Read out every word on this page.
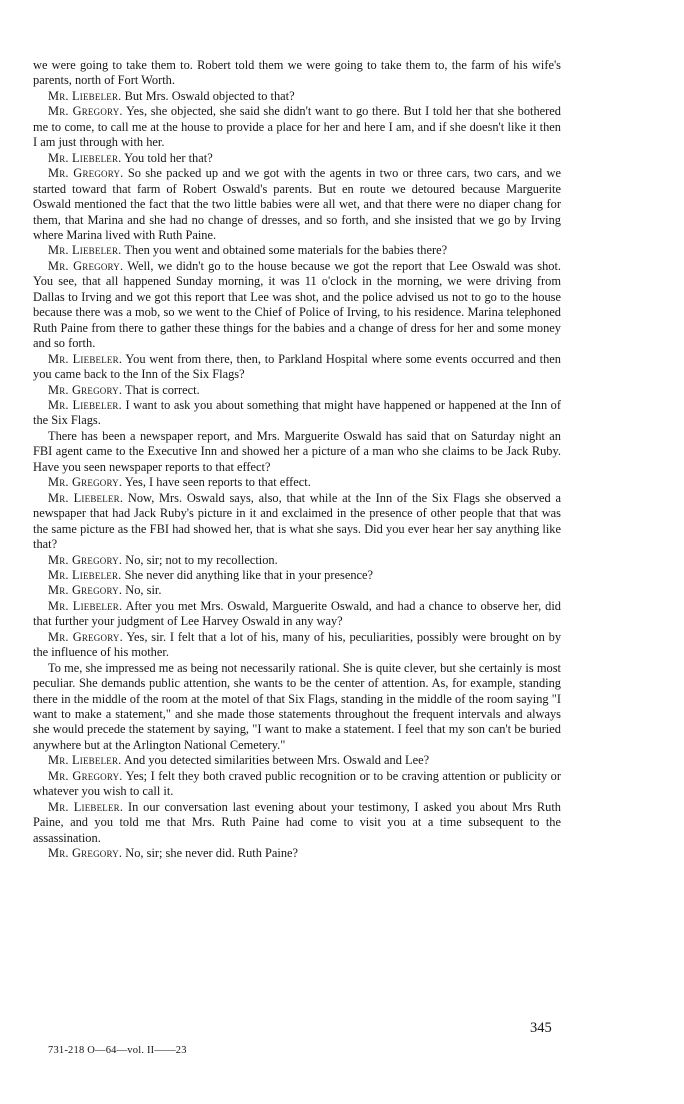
we were going to take them to. Robert told them we were going to take them to, the farm of his wife's parents, north of Fort Worth.

Mr. Liebeler. But Mrs. Oswald objected to that?

Mr. Gregory. Yes, she objected, she said she didn't want to go there. But I told her that she bothered me to come, to call me at the house to provide a place for her and here I am, and if she doesn't like it then I am just through with her.

Mr. Liebeler. You told her that?

Mr. Gregory. So she packed up and we got with the agents in two or three cars, two cars, and we started toward that farm of Robert Oswald's parents. But en route we detoured because Marguerite Oswald mentioned the fact that the two little babies were all wet, and that there were no diaper chang for them, that Marina and she had no change of dresses, and so forth, and she insisted that we go by Irving where Marina lived with Ruth Paine.

Mr. Liebeler. Then you went and obtained some materials for the babies there?

Mr. Gregory. Well, we didn't go to the house because we got the report that Lee Oswald was shot. You see, that all happened Sunday morning, it was 11 o'clock in the morning, we were driving from Dallas to Irving and we got this report that Lee was shot, and the police advised us not to go to the house because there was a mob, so we went to the Chief of Police of Irving, to his residence. Marina telephoned Ruth Paine from there to gather these things for the babies and a change of dress for her and some money and so forth.

Mr. Liebeler. You went from there, then, to Parkland Hospital where some events occurred and then you came back to the Inn of the Six Flags?

Mr. Gregory. That is correct.

Mr. Liebeler. I want to ask you about something that might have happened or happened at the Inn of the Six Flags.

There has been a newspaper report, and Mrs. Marguerite Oswald has said that on Saturday night an FBI agent came to the Executive Inn and showed her a picture of a man who she claims to be Jack Ruby. Have you seen newspaper reports to that effect?

Mr. Gregory. Yes, I have seen reports to that effect.

Mr. Liebeler. Now, Mrs. Oswald says, also, that while at the Inn of the Six Flags she observed a newspaper that had Jack Ruby's picture in it and exclaimed in the presence of other people that that was the same picture as the FBI had showed her, that is what she says. Did you ever hear her say anything like that?

Mr. Gregory. No, sir; not to my recollection.

Mr. Liebeler. She never did anything like that in your presence?

Mr. Gregory. No, sir.

Mr. Liebeler. After you met Mrs. Oswald, Marguerite Oswald, and had a chance to observe her, did that further your judgment of Lee Harvey Oswald in any way?

Mr. Gregory. Yes, sir. I felt that a lot of his, many of his, peculiarities, possibly were brought on by the influence of his mother.

To me, she impressed me as being not necessarily rational. She is quite clever, but she certainly is most peculiar. She demands public attention, she wants to be the center of attention. As, for example, standing there in the middle of the room at the motel of that Six Flags, standing in the middle of the room saying "I want to make a statement," and she made those statements throughout the frequent intervals and always she would precede the statement by saying, "I want to make a statement. I feel that my son can't be buried anywhere but at the Arlington National Cemetery."

Mr. Liebeler. And you detected similarities between Mrs. Oswald and Lee?

Mr. Gregory. Yes; I felt they both craved public recognition or to be craving attention or publicity or whatever you wish to call it.

Mr. Liebeler. In our conversation last evening about your testimony, I asked you about Mrs Ruth Paine, and you told me that Mrs. Ruth Paine had come to visit you at a time subsequent to the assassination.

Mr. Gregory. No, sir; she never did. Ruth Paine?

345
731-218 O—64—vol. II——23
